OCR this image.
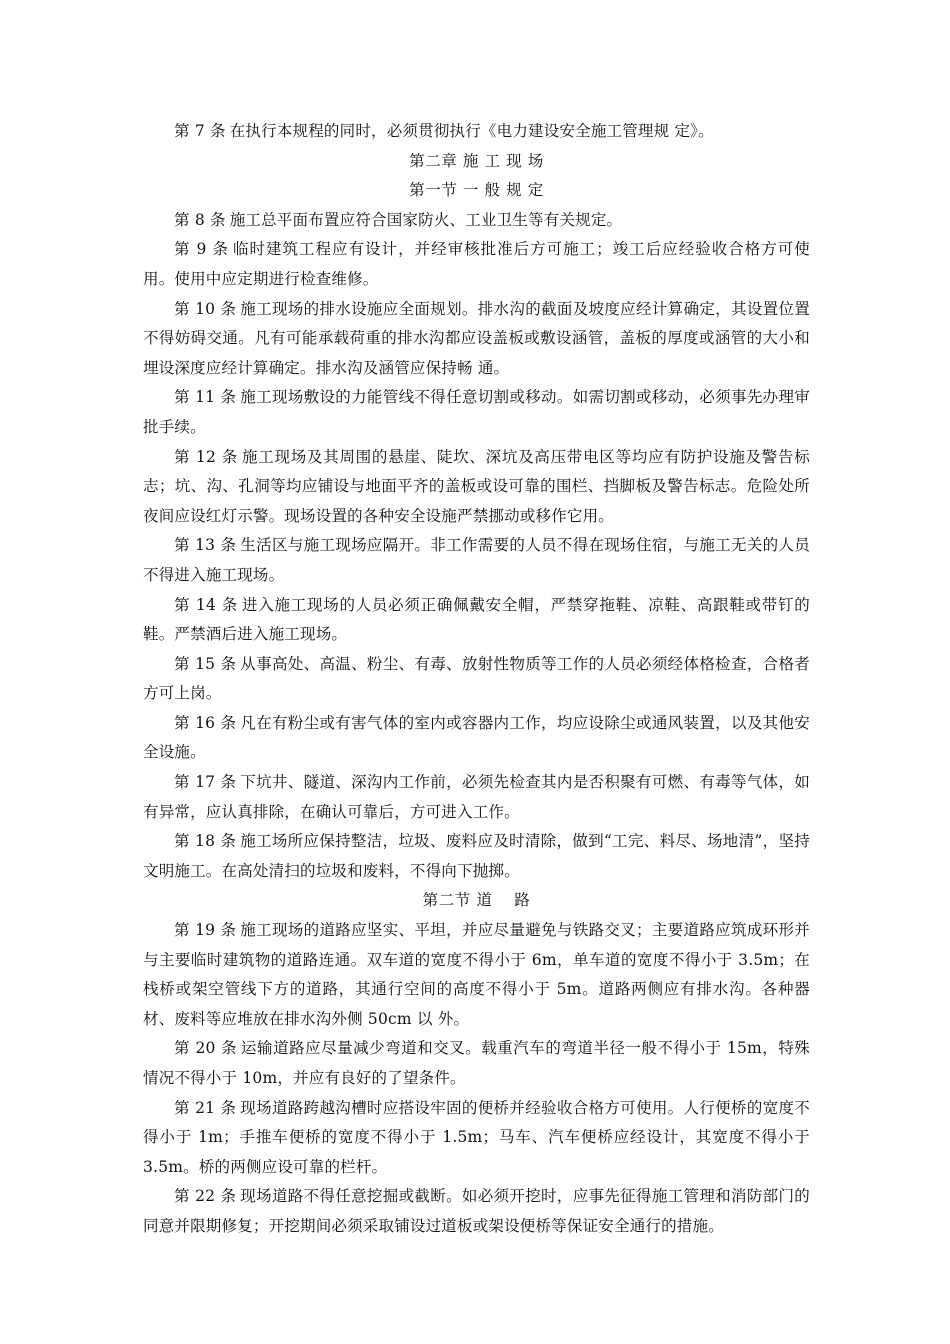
第 7 条 在执行本规程的同时，必须贯彻执行《电力建设安全施工管理规 定》。

第二章 施 工 现 场

第一节 一 般 规 定

第 8 条 施工总平面布置应符合国家防火、工业卫生等有关规定。

第 9 条 临时建筑工程应有设计，并经审核批准后方可施工；竣工后应经验收合格方可使用。使用中应定期进行检查维修。

第 10 条 施工现场的排水设施应全面规划。排水沟的截面及坡度应经计算确定，其设置位置不得妨碍交通。凡有可能承载荷重的排水沟都应设盖板或敷设涵管，盖板的厚度或涵管的大小和埋设深度应经计算确定。排水沟及涵管应保持畅 通。

第 11 条 施工现场敷设的力能管线不得任意切割或移动。如需切割或移动，必须事先办理审批手续。

第 12 条 施工现场及其周围的悬崖、陡坎、深坑及高压带电区等均应有防护设施及警告标志；坑、沟、孔洞等均应铺设与地面平齐的盖板或设可靠的围栏、挡脚板及警告标志。危险处所夜间应设红灯示警。现场设置的各种安全设施严禁挪动或移作它用。

第 13 条 生活区与施工现场应隔开。非工作需要的人员不得在现场住宿，与施工无关的人员不得进入施工现场。

第 14 条 进入施工现场的人员必须正确佩戴安全帽，严禁穿拖鞋、凉鞋、高跟鞋或带钉的鞋。严禁酒后进入施工现场。

第 15 条 从事高处、高温、粉尘、有毒、放射性物质等工作的人员必须经体格检查，合格者方可上岗。

第 16 条 凡在有粉尘或有害气体的室内或容器内工作，均应设除尘或通风装置，以及其他安全设施。

第 17 条 下坑井、隧道、深沟内工作前，必须先检查其内是否积聚有可燃、有毒等气体，如有异常，应认真排除，在确认可靠后，方可进入工作。

第 18 条 施工场所应保持整洁，垃圾、废料应及时清除，做到“工完、料尽、场地清”，坚持文明施工。在高处清扫的垃圾和废料，不得向下抛掷。

第二节 道　 路

第 19 条 施工现场的道路应坚实、平坦，并应尽量避免与铁路交叉；主要道路应筑成环形并与主要临时建筑物的道路连通。双车道的宽度不得小于 6m，单车道的宽度不得小于 3.5m；在栈桥或架空管线下方的道路，其通行空间的高度不得小于 5m。道路两侧应有排水沟。各种器材、废料等应堆放在排水沟外侧 50cm 以 外。

第 20 条 运输道路应尽量减少弯道和交叉。载重汽车的弯道半径一般不得小于 15m，特殊情况不得小于 10m，并应有良好的了望条件。

第 21 条 现场道路跨越沟槽时应搭设牢固的便桥并经验收合格方可使用。人行便桥的宽度不得小于 1m；手推车便桥的宽度不得小于 1.5m；马车、汽车便桥应经设计，其宽度不得小于 3.5m。桥的两侧应设可靠的栏杆。

第 22 条 现场道路不得任意挖掘或截断。如必须开挖时，应事先征得施工管理和消防部门的同意并限期修复；开挖期间必须采取铺设过道板或架设便桥等保证安全通行的措施。
